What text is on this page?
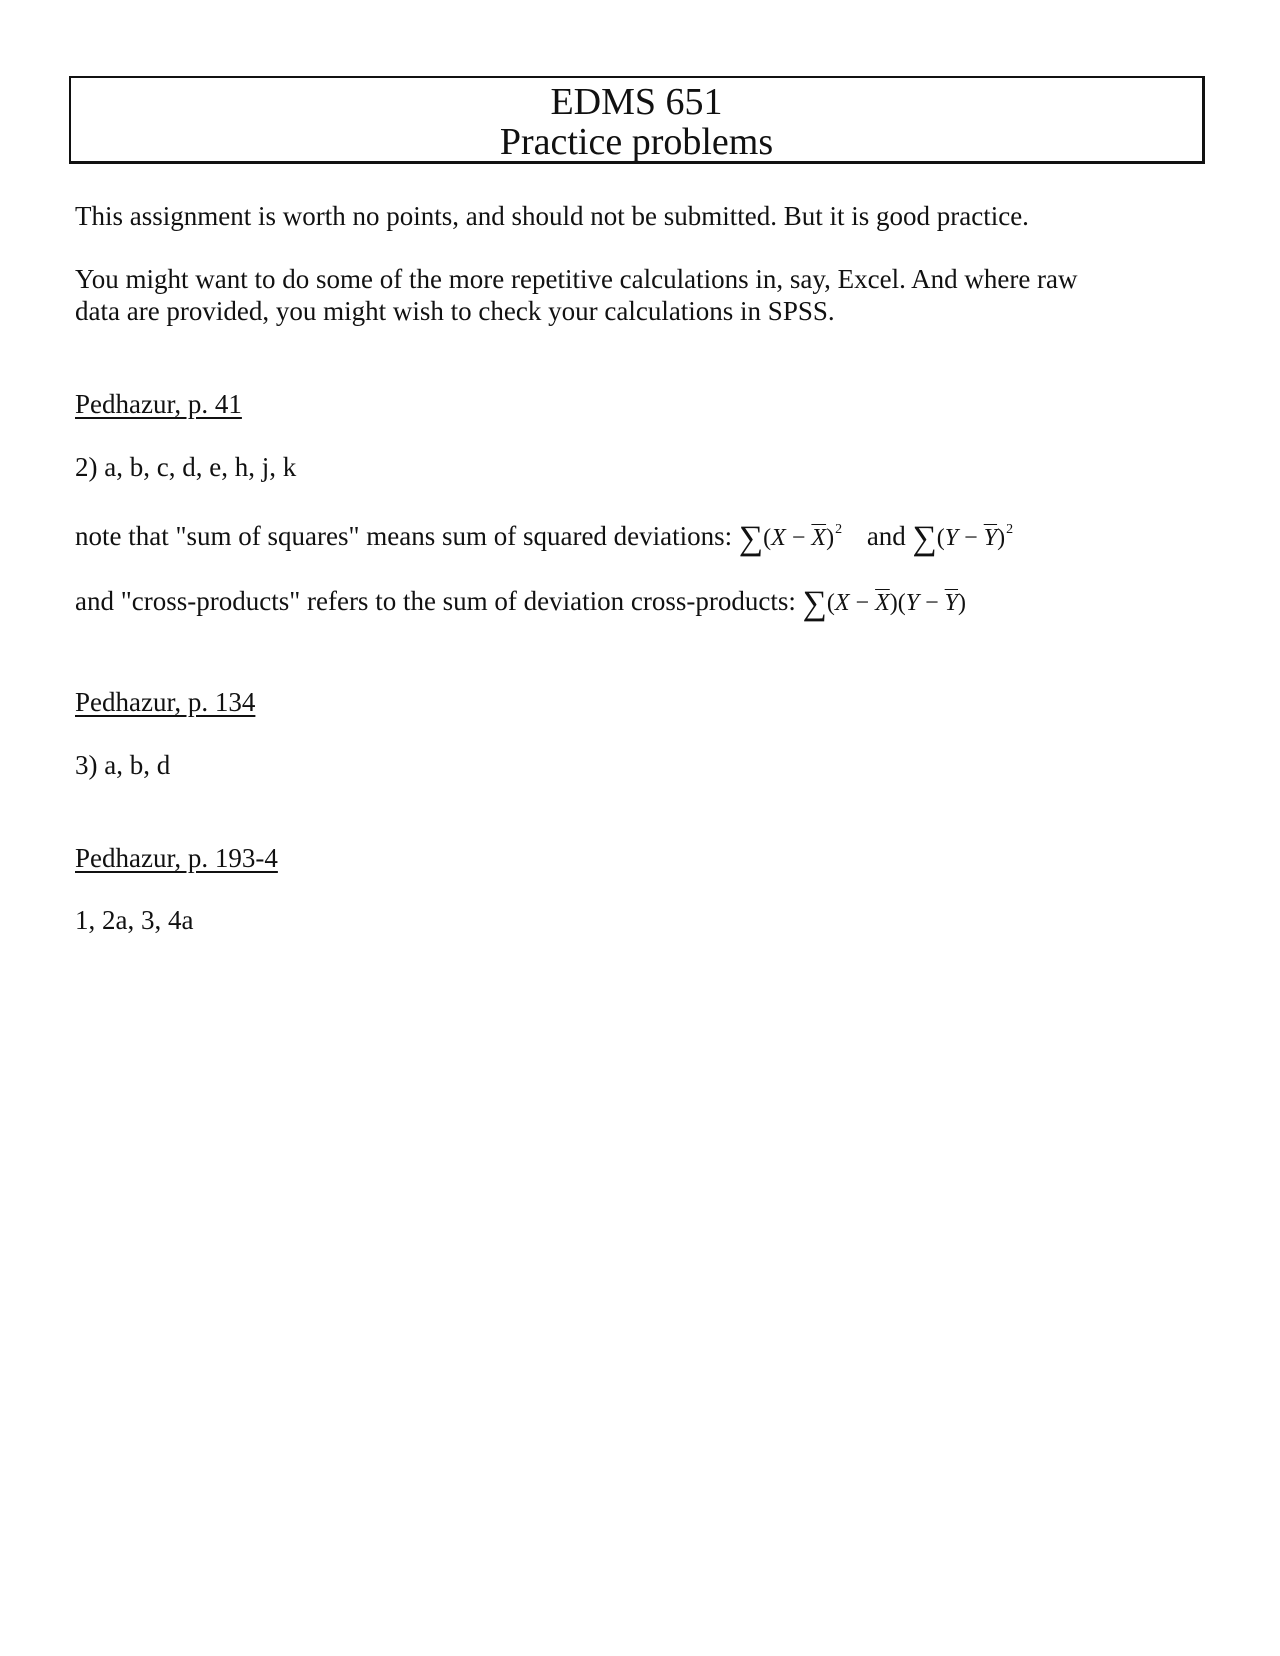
EDMS 651
Practice problems
This assignment is worth no points, and should not be submitted. But it is good practice.
You might want to do some of the more repetitive calculations in, say, Excel. And where raw
data are provided, you might wish to check your calculations in SPSS.
Pedhazur, p. 41
2) a, b, c, d, e, h, j, k
note that "sum of squares" means sum of squared deviations: $\sum(X - \overline{X})^2$ and $\sum(Y - \overline{Y})^2$
and "cross-products" refers to the sum of deviation cross-products: $\sum(X - \overline{X})(Y - \overline{Y})$
Pedhazur, p. 134
3) a, b, d
Pedhazur, p. 193-4
1, 2a, 3, 4a
